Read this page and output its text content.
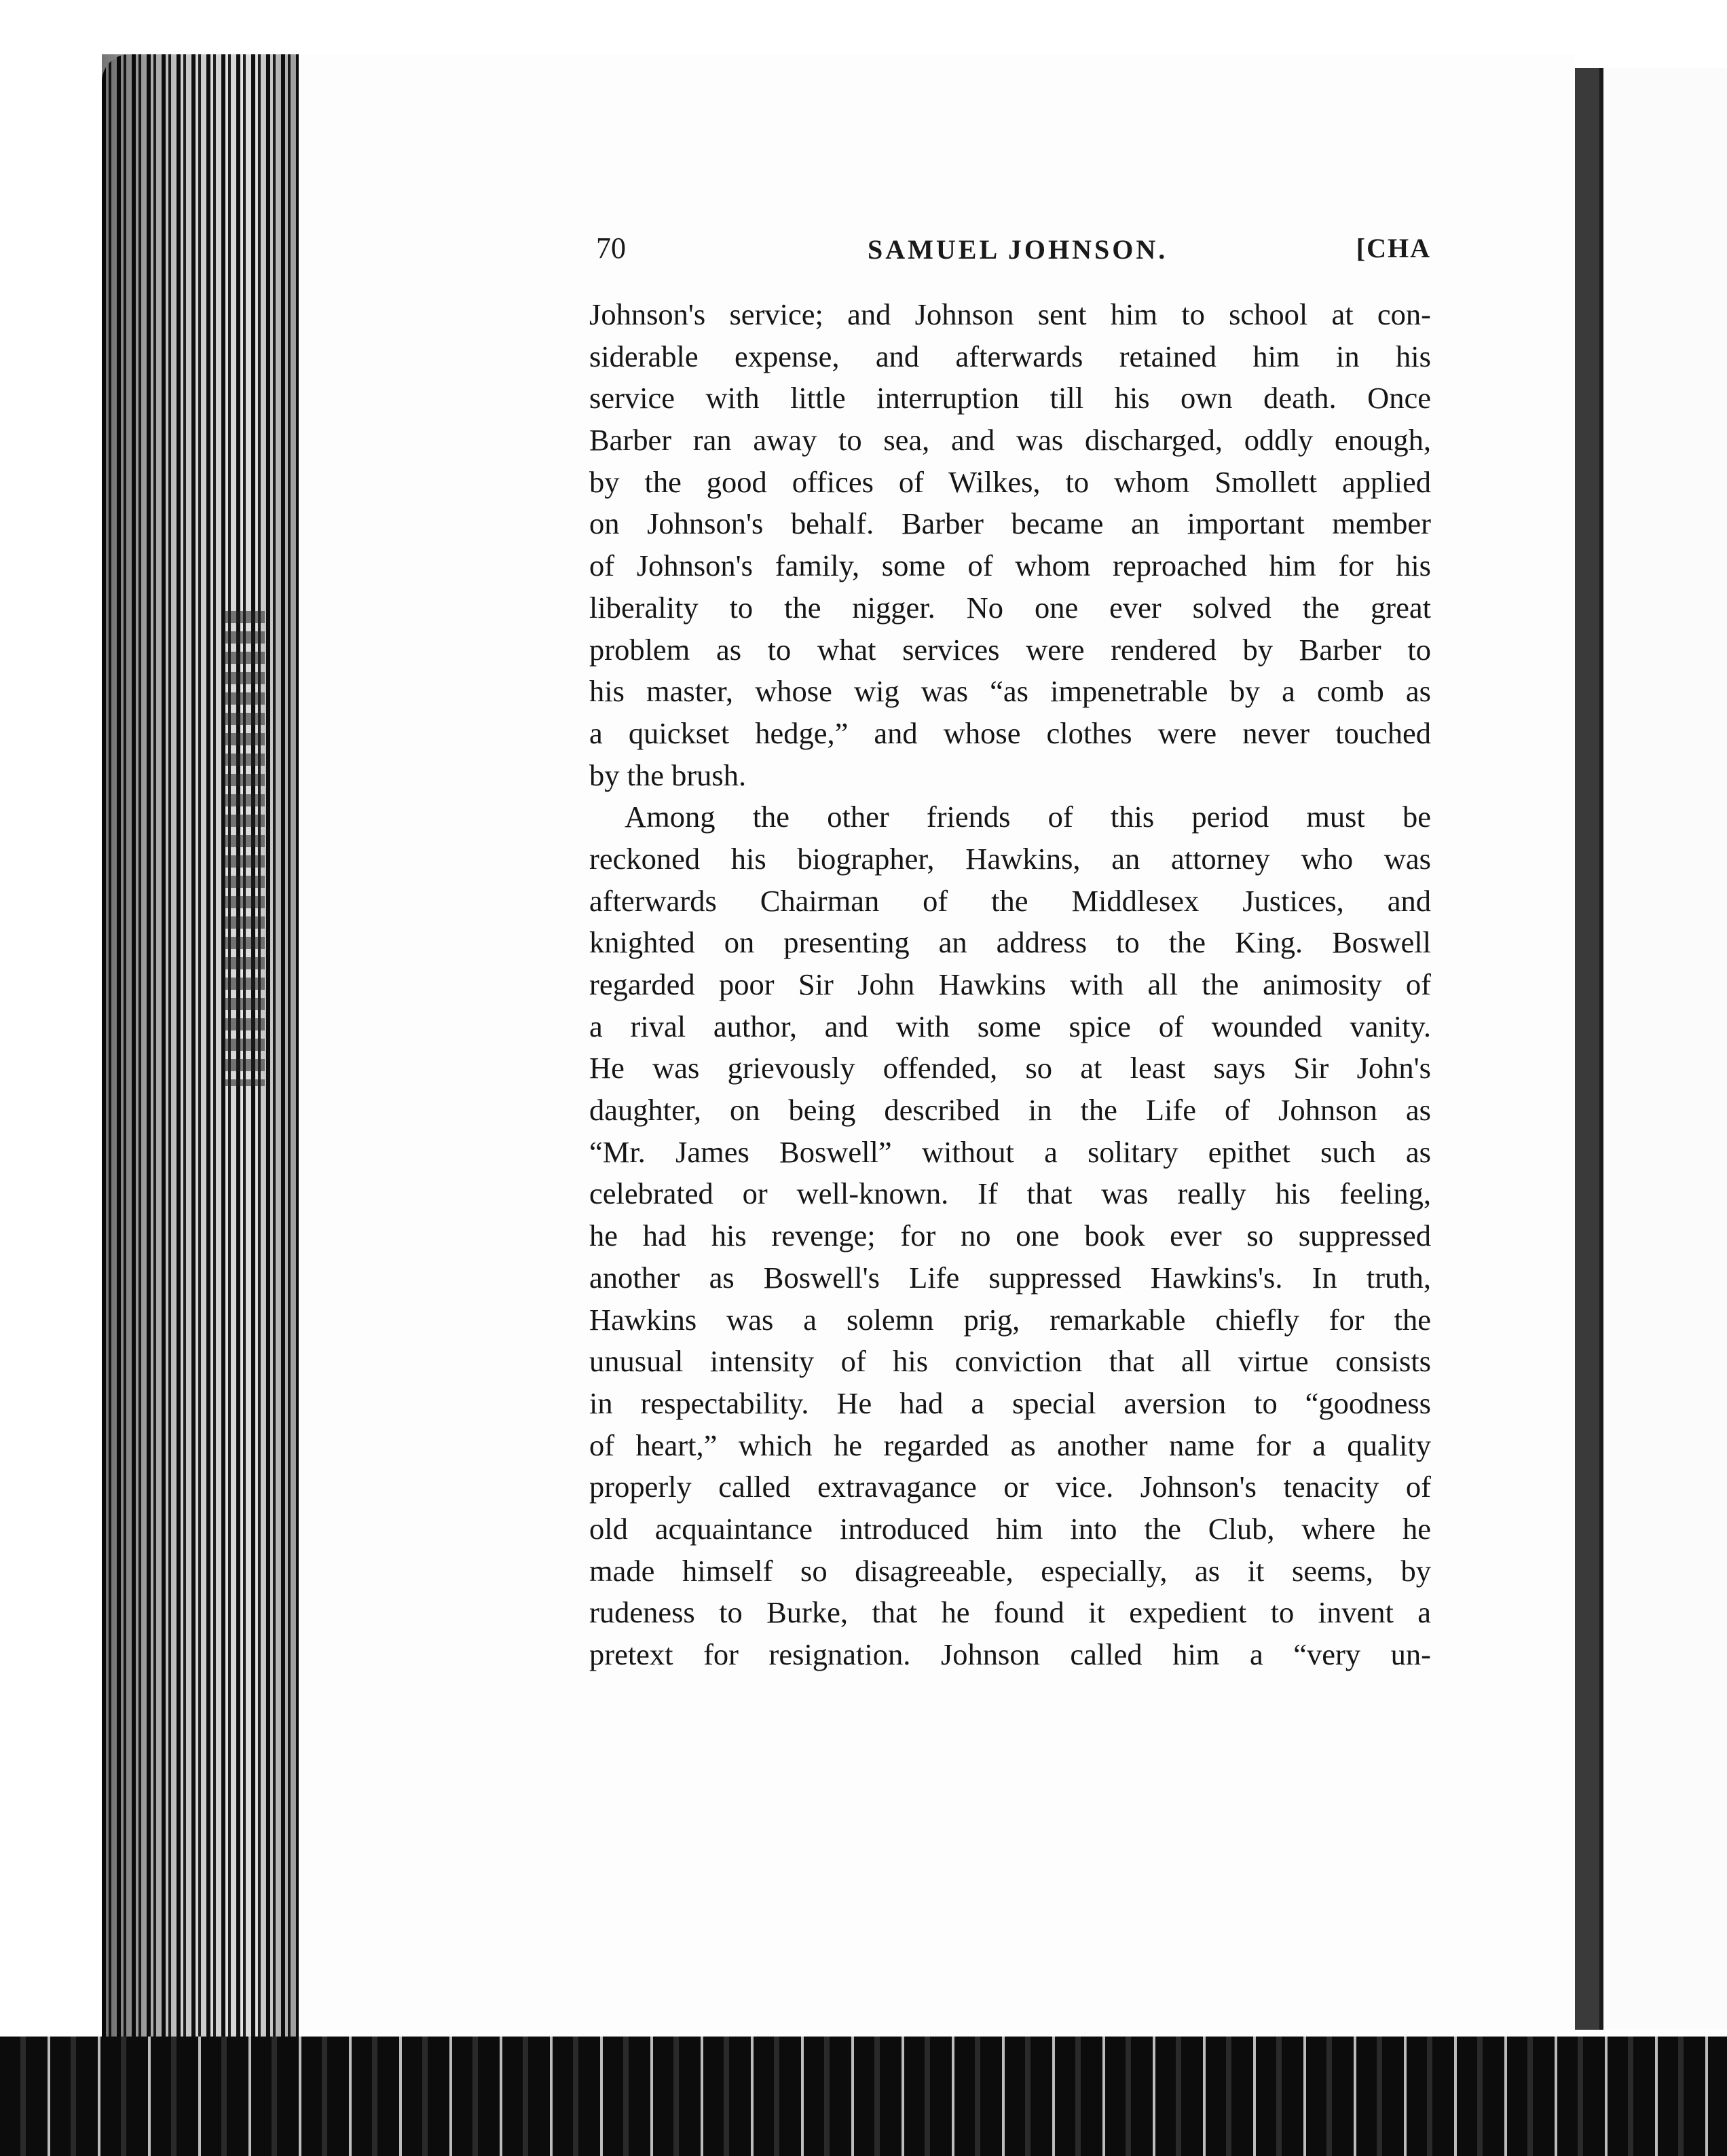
70	SAMUEL JOHNSON.	[CHA
Johnson's service; and Johnson sent him to school at con-
siderable expense, and afterwards retained him in his
service with little interruption till his own death. Once
Barber ran away to sea, and was discharged, oddly enough,
by the good offices of Wilkes, to whom Smollett applied
on Johnson's behalf. Barber became an important member
of Johnson's family, some of whom reproached him for his
liberality to the nigger. No one ever solved the great
problem as to what services were rendered by Barber to
his master, whose wig was “as impenetrable by a comb as
a quickset hedge,” and whose clothes were never touched
by the brush.
Among the other friends of this period must be
reckoned his biographer, Hawkins, an attorney who was
afterwards Chairman of the Middlesex Justices, and
knighted on presenting an address to the King. Boswell
regarded poor Sir John Hawkins with all the animosity of
a rival author, and with some spice of wounded vanity.
He was grievously offended, so at least says Sir John's
daughter, on being described in the Life of Johnson as
“Mr. James Boswell” without a solitary epithet such as
celebrated or well-known. If that was really his feeling,
he had his revenge; for no one book ever so suppressed
another as Boswell's Life suppressed Hawkins's. In truth,
Hawkins was a solemn prig, remarkable chiefly for the
unusual intensity of his conviction that all virtue consists
in respectability. He had a special aversion to “goodness
of heart,” which he regarded as another name for a quality
properly called extravagance or vice. Johnson's tenacity of
old acquaintance introduced him into the Club, where he
made himself so disagreeable, especially, as it seems, by
rudeness to Burke, that he found it expedient to invent a
pretext for resignation. Johnson called him a “very un-
